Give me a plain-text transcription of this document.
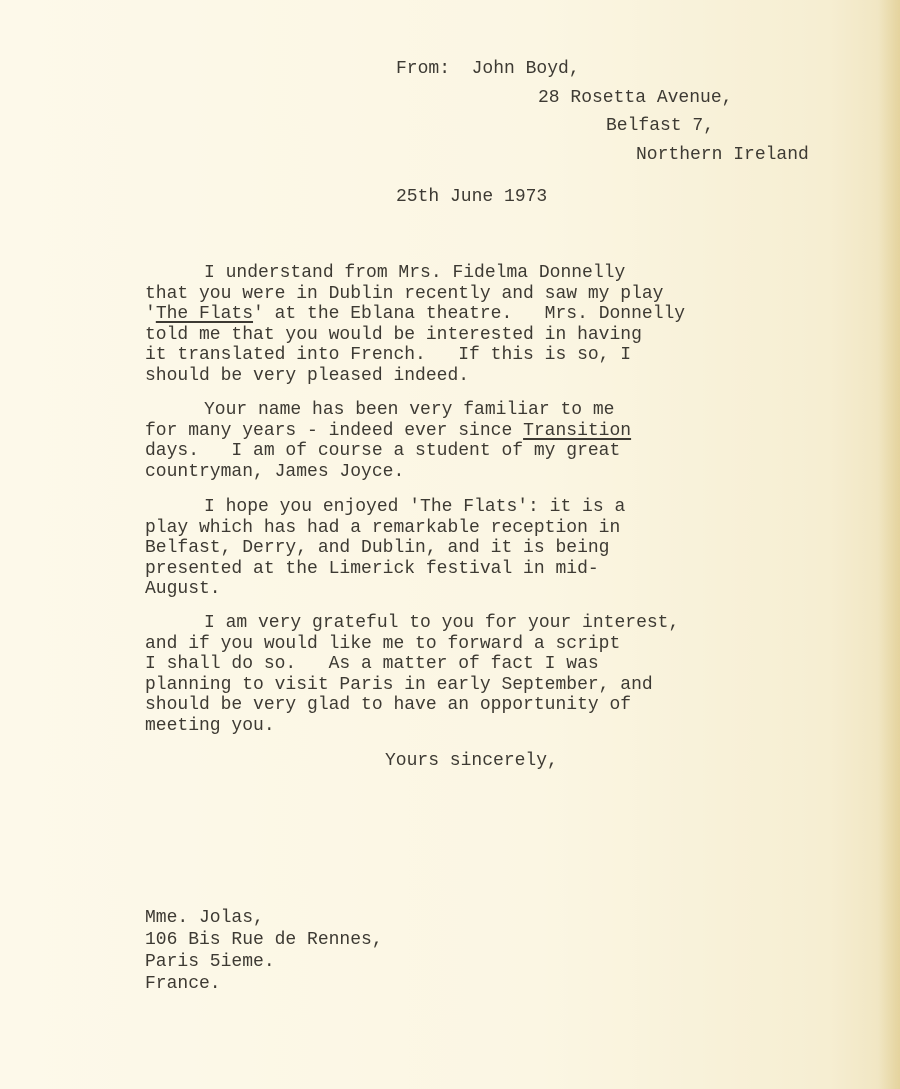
From: John Boyd,
28 Rosetta Avenue,
Belfast 7,
Northern Ireland
25th June 1973
I understand from Mrs. Fidelma Donnelly
that you were in Dublin recently and saw my play
'The Flats' at the Eblana theatre.   Mrs. Donnelly
told me that you would be interested in having
it translated into French.   If this is so, I
should be very pleased indeed.
Your name has been very familiar to me
for many years - indeed ever since Transition
days.   I am of course a student of my great
countryman, James Joyce.
I hope you enjoyed 'The Flats': it is a
play which has had a remarkable reception in
Belfast, Derry, and Dublin, and it is being
presented at the Limerick festival in mid-
August.
I am very grateful to you for your interest,
and if you would like me to forward a script
I shall do so.   As a matter of fact I was
planning to visit Paris in early September, and
should be very glad to have an opportunity of
meeting you.
Yours sincerely,
Mme. Jolas,
106 Bis Rue de Rennes,
Paris 5ieme.
France.
